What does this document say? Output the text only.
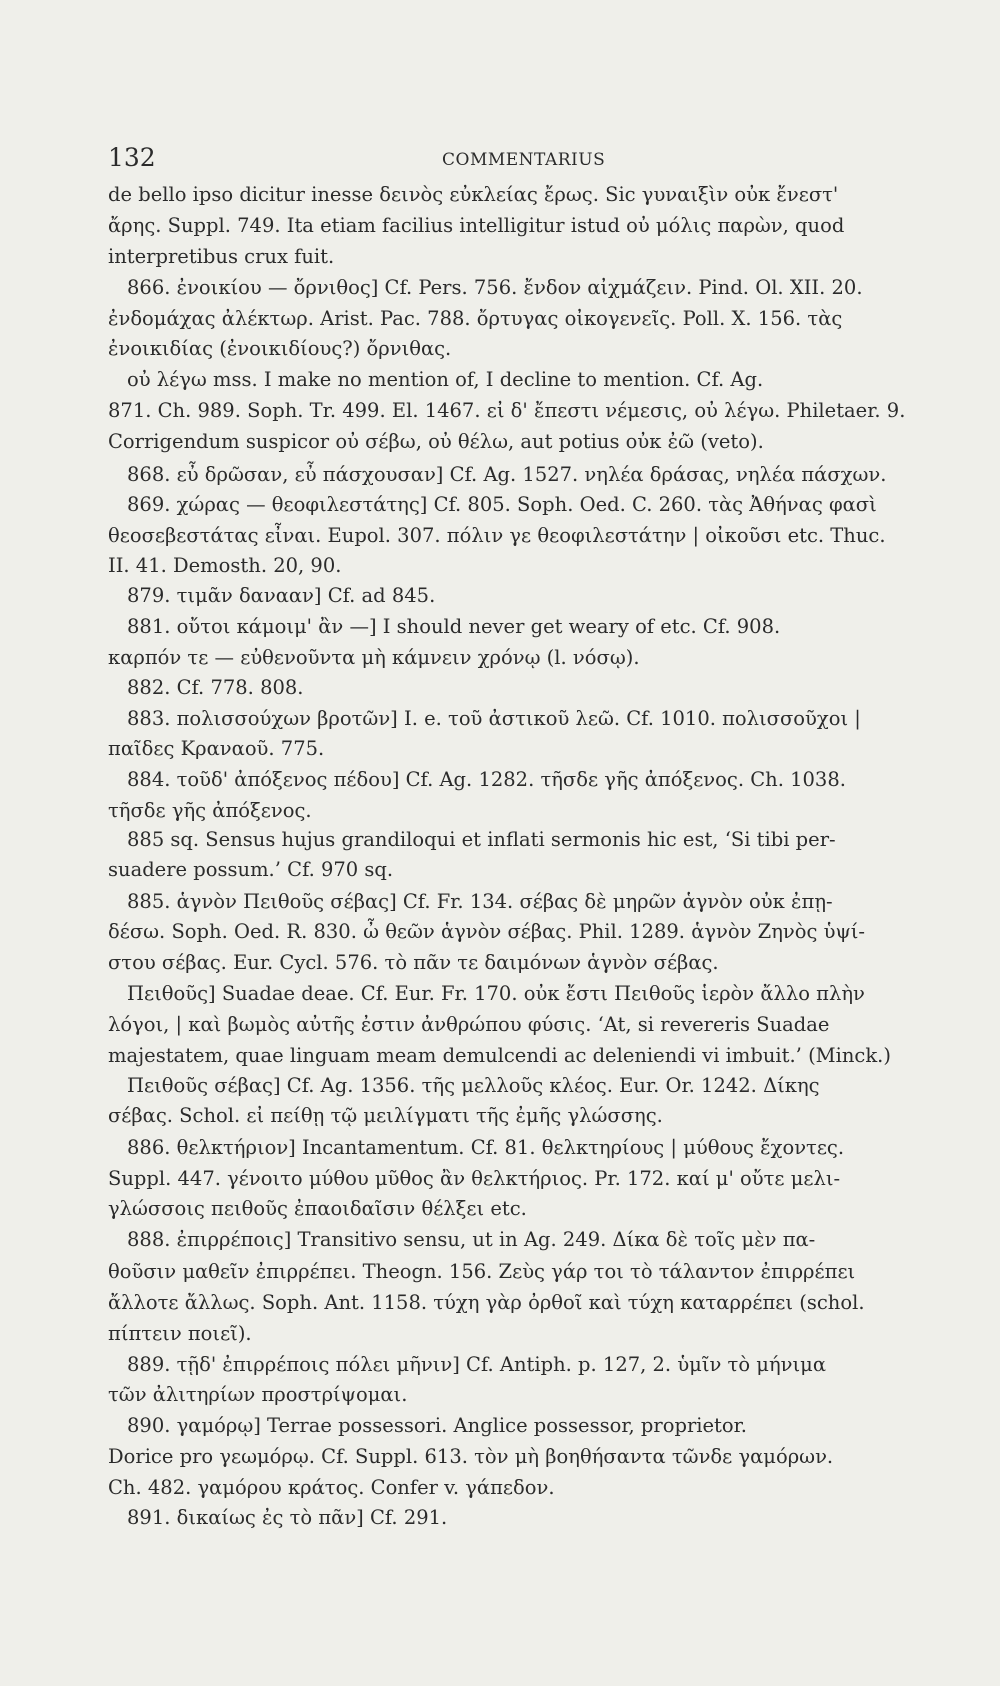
132	COMMENTARIUS
de bello ipso dicitur inesse δεινὸς εὐκλείας ἔρως. Sic γυναιξὶν οὐκ ἔνεστ'
ἄρης. Suppl. 749. Ita etiam facilius intelligitur istud οὐ μόλις παρὼν, quod
interpretibus crux fuit.
866. ἐνοικίου — ὄρνιθος] Cf. Pers. 756. ἔνδον αἰχμάζειν. Pind. Ol. XII. 20.
ἐνδομάχας ἀλέκτωρ. Arist. Pac. 788. ὄρτυγας οἰκογενεῖς. Poll. X. 156. τὰς
ἐνοικιδίας (ἐνοικιδίους?) ὄρνιθας.
οὐ λέγω mss. I make no mention of, I decline to mention. Cf. Ag.
871. Ch. 989. Soph. Tr. 499. El. 1467. εἰ δ' ἔπεστι νέμεσις, οὐ λέγω. Philetaer. 9.
Corrigendum suspicor οὐ σέβω, οὐ θέλω, aut potius οὐκ ἐῶ (veto).
868. εὖ δρῶσαν, εὖ πάσχουσαν] Cf. Ag. 1527. νηλέα δράσας, νηλέα πάσχων.
869. χώρας — θεοφιλεστάτης] Cf. 805. Soph. Oed. C. 260. τὰς Ἀθήνας φασὶ
θεοσεβεστάτας εἶναι. Eupol. 307. πόλιν γε θεοφιλεστάτην | οἰκοῦσι etc. Thuc.
II. 41. Demosth. 20, 90.
879. τιμᾶν δανααν] Cf. ad 845.
881. οὔτοι κάμοιμ' ἂν —] I should never get weary of etc. Cf. 908.
καρπόν τε — εὐθενοῦντα μὴ κάμνειν χρόνῳ (l. νόσῳ).
882. Cf. 778. 808.
883. πολισσούχων βροτῶν] I. e. τοῦ ἀστικοῦ λεῶ. Cf. 1010. πολισσοῦχοι |
παῖδες Κραναοῦ. 775.
884. τοῦδ' ἀπόξενος πέδου] Cf. Ag. 1282. τῆσδε γῆς ἀπόξενος. Ch. 1038.
τῆσδε γῆς ἀπόξενος.
885 sq. Sensus hujus grandiloqui et inflati sermonis hic est, ‘Si tibi per-
suadere possum.’ Cf. 970 sq.
885. ἁγνὸν Πειθοῦς σέβας] Cf. Fr. 134. σέβας δὲ μηρῶν ἁγνὸν οὐκ ἐπῃ-
δέσω. Soph. Oed. R. 830. ὦ θεῶν ἁγνὸν σέβας. Phil. 1289. ἁγνὸν Ζηνὸς ὑψί-
στου σέβας. Eur. Cycl. 576. τὸ πᾶν τε δαιμόνων ἁγνὸν σέβας.
Πειθοῦς] Suadae deae. Cf. Eur. Fr. 170. οὐκ ἔστι Πειθοῦς ἱερὸν ἄλλο πλὴν
λόγοι, | καὶ βωμὸς αὐτῆς ἐστιν ἀνθρώπου φύσις. ‘At, si revereris Suadae
majestatem, quae linguam meam demulcendi ac deleniendi vi imbuit.’ (Minck.)
Πειθοῦς σέβας] Cf. Ag. 1356. τῆς μελλοῦς κλέος. Eur. Or. 1242. Δίκης
σέβας. Schol. εἰ πείθῃ τῷ μειλίγματι τῆς ἐμῆς γλώσσης.
886. θελκτήριον] Incantamentum. Cf. 81. θελκτηρίους | μύθους ἔχοντες.
Suppl. 447. γένοιτο μύθου μῦθος ἂν θελκτήριος. Pr. 172. καί μ' οὔτε μελι-
γλώσσοις πειθοῦς ἐπαοιδαῖσιν θέλξει etc.
888. ἐπιρρέποις] Transitivo sensu, ut in Ag. 249. Δίκα δὲ τοῖς μὲν πα-
θοῦσιν μαθεῖν ἐπιρρέπει. Theogn. 156. Ζεὺς γάρ τοι τὸ τάλαντον ἐπιρρέπει
ἄλλοτε ἄλλως. Soph. Ant. 1158. τύχη γὰρ ὀρθοῖ καὶ τύχη καταρρέπει (schol.
πίπτειν ποιεῖ).
889. τῇδ' ἐπιρρέποις πόλει μῆνιν] Cf. Antiph. p. 127, 2. ὑμῖν τὸ μήνιμα
τῶν ἀλιτηρίων προστρίψομαι.
890. γαμόρῳ] Terrae possessori. Anglice possessor, proprietor.
Dorice pro γεωμόρῳ. Cf. Suppl. 613. τὸν μὴ βοηθήσαντα τῶνδε γαμόρων.
Ch. 482. γαμόρου κράτος. Confer v. γάπεδον.
891. δικαίως ἐς τὸ πᾶν] Cf. 291.
